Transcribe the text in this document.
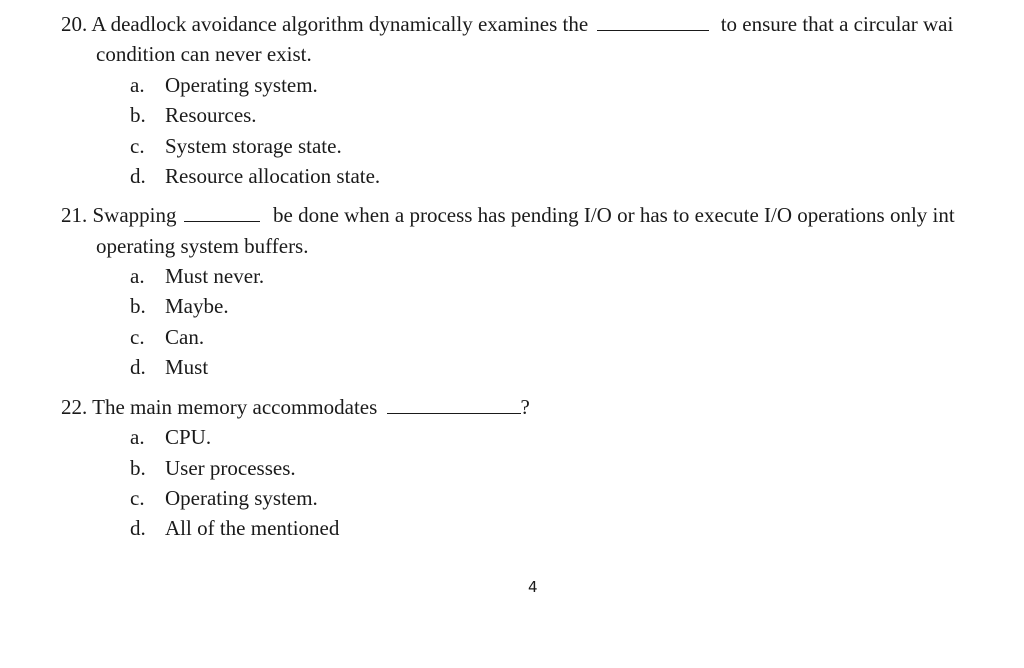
20. A deadlock avoidance algorithm dynamically examines the	to ensure that a circular wai
condition can never exist.
a. Operating system.
b. Resources.
c. System storage state.
d. Resource allocation state.
21. Swapping	be done when a process has pending I/O or has to execute I/O operations only int
operating system buffers.
a. Must never.
b. Maybe.
c. Can.
d. Must
22. The main memory accommodates	?
a. CPU.
b. User processes.
c. Operating system.
d. All of the mentioned
4
